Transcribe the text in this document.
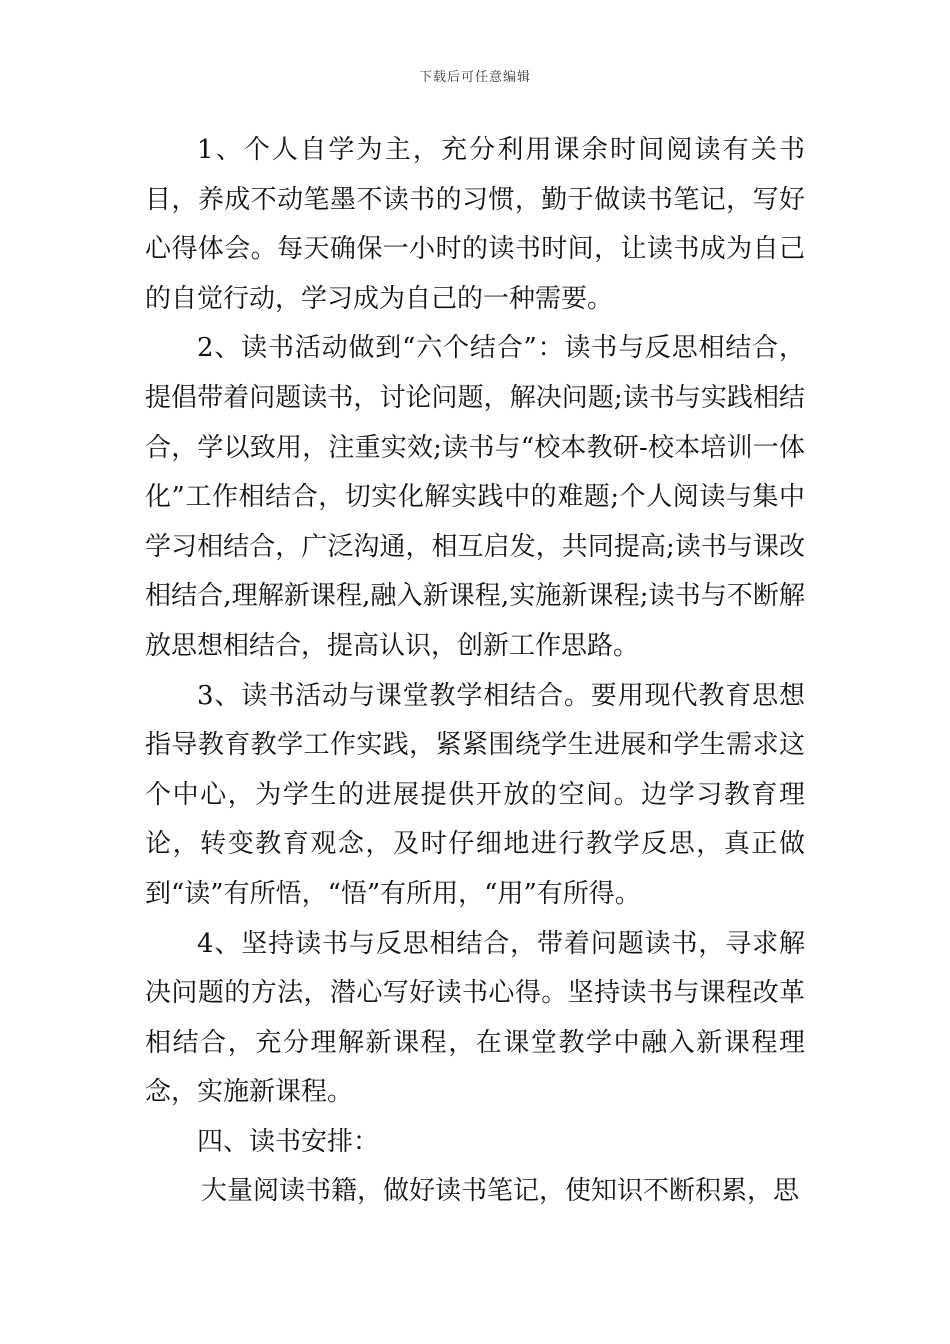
下载后可任意编辑

1、个人自学为主，充分利用课余时间阅读有关书目，养成不动笔墨不读书的习惯，勤于做读书笔记，写好心得体会。每天确保一小时的读书时间，让读书成为自己的自觉行动，学习成为自己的一种需要。

2、读书活动做到“六个结合”：读书与反思相结合，提倡带着问题读书，讨论问题，解决问题;读书与实践相结合，学以致用，注重实效;读书与“校本教研-校本培训一体化”工作相结合，切实化解实践中的难题;个人阅读与集中学习相结合，广泛沟通，相互启发，共同提高;读书与课改相结合,理解新课程,融入新课程,实施新课程;读书与不断解放思想相结合，提高认识，创新工作思路。

3、读书活动与课堂教学相结合。要用现代教育思想指导教育教学工作实践，紧紧围绕学生进展和学生需求这个中心，为学生的进展提供开放的空间。边学习教育理论，转变教育观念，及时仔细地进行教学反思，真正做到“读”有所悟，“悟”有所用，“用”有所得。

4、坚持读书与反思相结合，带着问题读书，寻求解决问题的方法，潜心写好读书心得。坚持读书与课程改革相结合，充分理解新课程，在课堂教学中融入新课程理念，实施新课程。

四、读书安排：

大量阅读书籍，做好读书笔记，使知识不断积累，思
